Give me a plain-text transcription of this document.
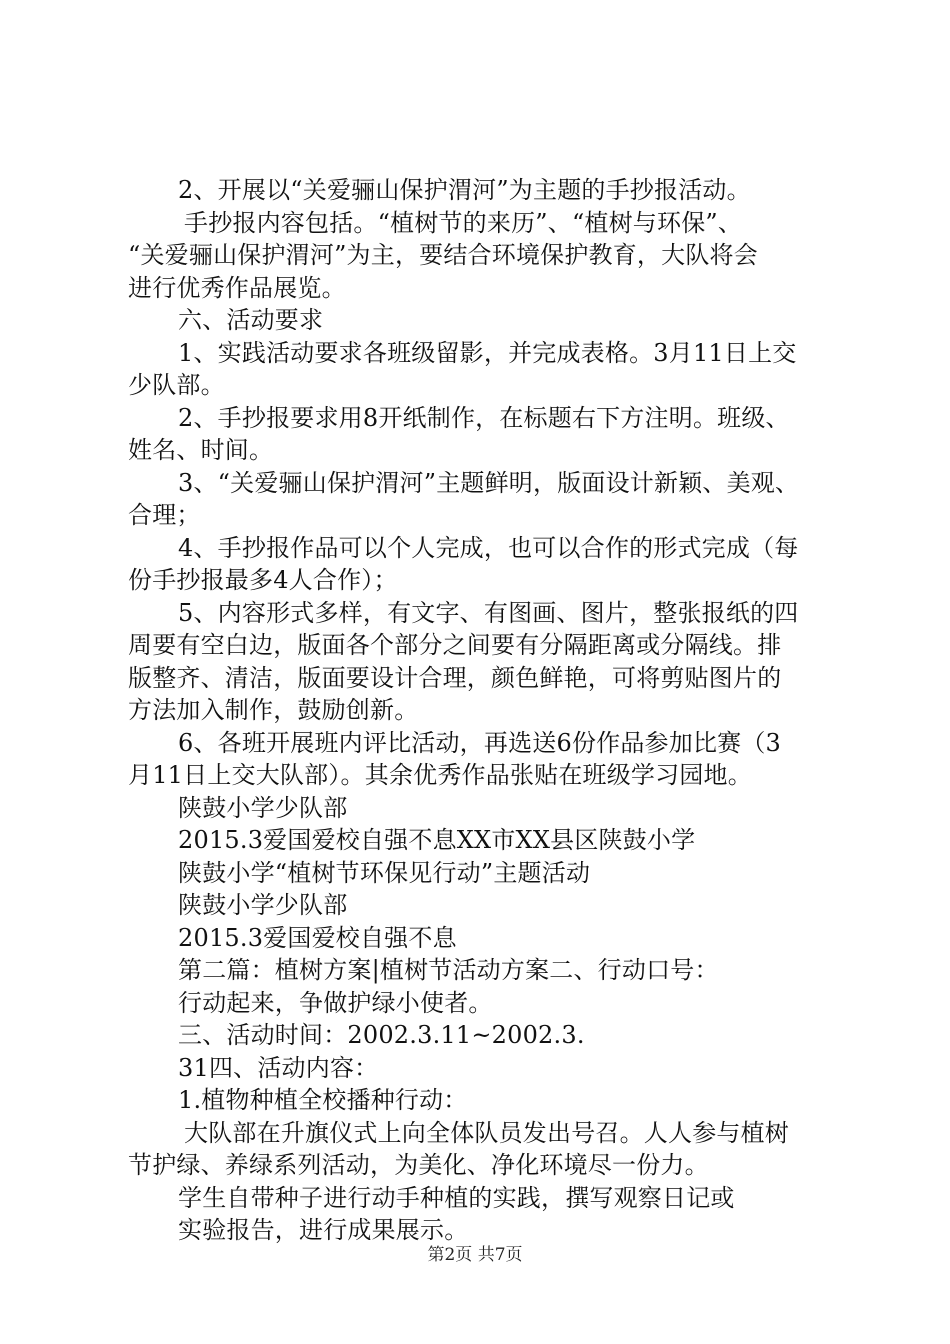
2、开展以“关爱骊山保护渭河”为主题的手抄报活动。
手抄报内容包括。“植树节的来历”、“植树与环保”、
“关爱骊山保护渭河”为主，要结合环境保护教育，大队将会
进行优秀作品展览。
六、活动要求
1、实践活动要求各班级留影，并完成表格。3月11日上交
少队部。
2、手抄报要求用8开纸制作，在标题右下方注明。班级、
姓名、时间。
3、“关爱骊山保护渭河”主题鲜明，版面设计新颖、美观、
合理；
4、手抄报作品可以个人完成，也可以合作的形式完成（每
份手抄报最多4人合作）；
5、内容形式多样，有文字、有图画、图片，整张报纸的四
周要有空白边，版面各个部分之间要有分隔距离或分隔线。排
版整齐、清洁，版面要设计合理，颜色鲜艳，可将剪贴图片的
方法加入制作，鼓励创新。
6、各班开展班内评比活动，再选送6份作品参加比赛（3
月11日上交大队部）。其余优秀作品张贴在班级学习园地。
陕鼓小学少队部
2015.3爱国爱校自强不息XX市XX县区陕鼓小学
陕鼓小学“植树节环保见行动”主题活动
陕鼓小学少队部
2015.3爱国爱校自强不息
第二篇：植树方案|植树节活动方案二、行动口号：
行动起来，争做护绿小使者。
三、活动时间：2002.3.11~2002.3.
31四、活动内容：
1.植物种植全校播种行动：
大队部在升旗仪式上向全体队员发出号召。人人参与植树
节护绿、养绿系列活动，为美化、净化环境尽一份力。
学生自带种子进行动手种植的实践，撰写观察日记或
实验报告，进行成果展示。
第2页 共7页
